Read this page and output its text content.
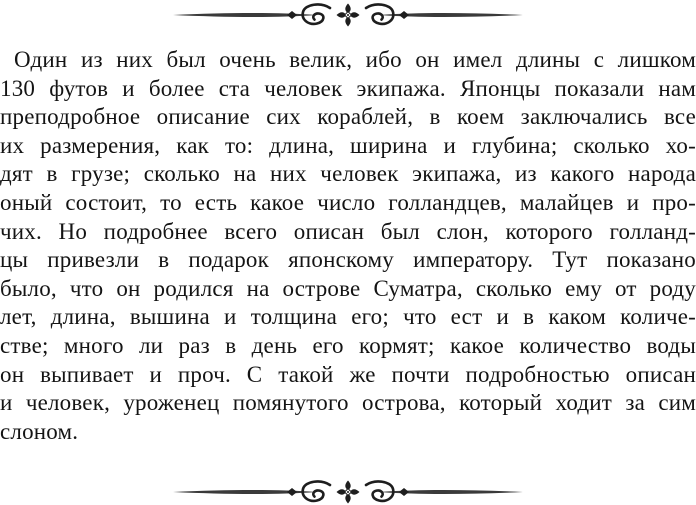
Один из них был очень велик, ибо он имел длины с лишком
130 футов и более ста человек экипажа. Японцы показали нам
преподробное описание сих кораблей, в коем заключались все
их размерения, как то: длина, ширина и глубина; сколько хо-
дят в грузе; сколько на них человек экипажа, из какого народа
оный состоит, то есть какое число голландцев, малайцев и про-
чих. Но подробнее всего описан был слон, которого голланд-
цы привезли в подарок японскому императору. Тут показано
было, что он родился на острове Суматра, сколько ему от роду
лет, длина, вышина и толщина его; что ест и в каком количе-
стве; много ли раз в день его кормят; какое количество воды
он выпивает и проч. С такой же почти подробностью описан
и человек, уроженец помянутого острова, который ходит за сим
слоном.
